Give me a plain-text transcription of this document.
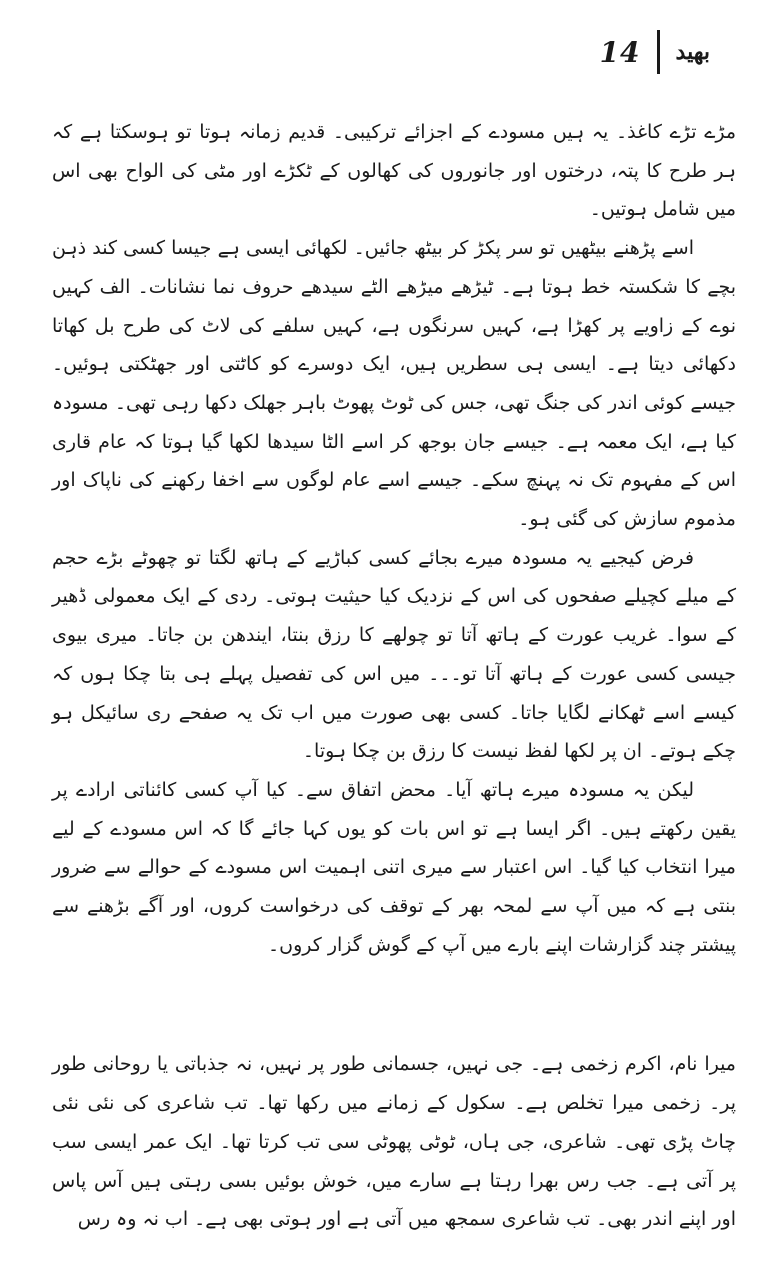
14 بھید

مڑے تڑے کاغذ۔ یہ ہیں مسودے کے اجزائے ترکیبی۔ قدیم زمانہ ہوتا تو ہوسکتا ہے کہ ہر طرح کا پتہ، درختوں اور جانوروں کی کھالوں کے ٹکڑے اور مٹی کی الواح بھی اس میں شامل ہوتیں۔

اسے پڑھنے بیٹھیں تو سر پکڑ کر بیٹھ جائیں۔ لکھائی ایسی ہے جیسا کسی کند ذہن بچے کا شکستہ خط ہوتا ہے۔ ٹیڑھے میڑھے الٹے سیدھے حروف نما نشانات۔ الف کہیں نوے کے زاویے پر کھڑا ہے، کہیں سرنگوں ہے، کہیں سلفے کی لاٹ کی طرح بل کھاتا دکھائی دیتا ہے۔ ایسی ہی سطریں ہیں، ایک دوسرے کو کاٹتی اور جھٹکتی ہوئیں۔ جیسے کوئی اندر کی جنگ تھی، جس کی ٹوٹ پھوٹ باہر جھلک دکھا رہی تھی۔ مسودہ کیا ہے، ایک معمہ ہے۔ جیسے جان بوجھ کر اسے الٹا سیدھا لکھا گیا ہوتا کہ عام قاری اس کے مفہوم تک نہ پہنچ سکے۔ جیسے اسے عام لوگوں سے اخفا رکھنے کی ناپاک اور مذموم سازش کی گئی ہو۔

فرض کیجیے یہ مسودہ میرے بجائے کسی کباڑیے کے ہاتھ لگتا تو چھوٹے بڑے حجم کے میلے کچیلے صفحوں کی اس کے نزدیک کیا حیثیت ہوتی۔ ردی کے ایک معمولی ڈھیر کے سوا۔ غریب عورت کے ہاتھ آتا تو چولھے کا رزق بنتا، ایندھن بن جاتا۔ میری بیوی جیسی کسی عورت کے ہاتھ آتا تو۔۔۔ میں اس کی تفصیل پہلے ہی بتا چکا ہوں کہ کیسے اسے ٹھکانے لگایا جاتا۔ کسی بھی صورت میں اب تک یہ صفحے ری سائیکل ہو چکے ہوتے۔ ان پر لکھا لفظ نیست کا رزق بن چکا ہوتا۔

لیکن یہ مسودہ میرے ہاتھ آیا۔ محض اتفاق سے۔ کیا آپ کسی کائناتی ارادے پر یقین رکھتے ہیں۔ اگر ایسا ہے تو اس بات کو یوں کہا جائے گا کہ اس مسودے کے لیے میرا انتخاب کیا گیا۔ اس اعتبار سے میری اتنی اہمیت اس مسودے کے حوالے سے ضرور بنتی ہے کہ میں آپ سے لمحہ بھر کے توقف کی درخواست کروں، اور آگے بڑھنے سے پیشتر چند گزارشات اپنے بارے میں آپ کے گوش گزار کروں۔

میرا نام، اکرم زخمی ہے۔ جی نہیں، جسمانی طور پر نہیں، نہ جذباتی یا روحانی طور پر۔ زخمی میرا تخلص ہے۔ سکول کے زمانے میں رکھا تھا۔ تب شاعری کی نئی نئی چاٹ پڑی تھی۔ شاعری، جی ہاں، ٹوٹی پھوٹی سی تب کرتا تھا۔ ایک عمر ایسی سب پر آتی ہے۔ جب رس بھرا رہتا ہے سارے میں، خوش بوئیں بسی رہتی ہیں آس پاس اور اپنے اندر بھی۔ تب شاعری سمجھ میں آتی ہے اور ہوتی بھی ہے۔ اب نہ وہ رس
